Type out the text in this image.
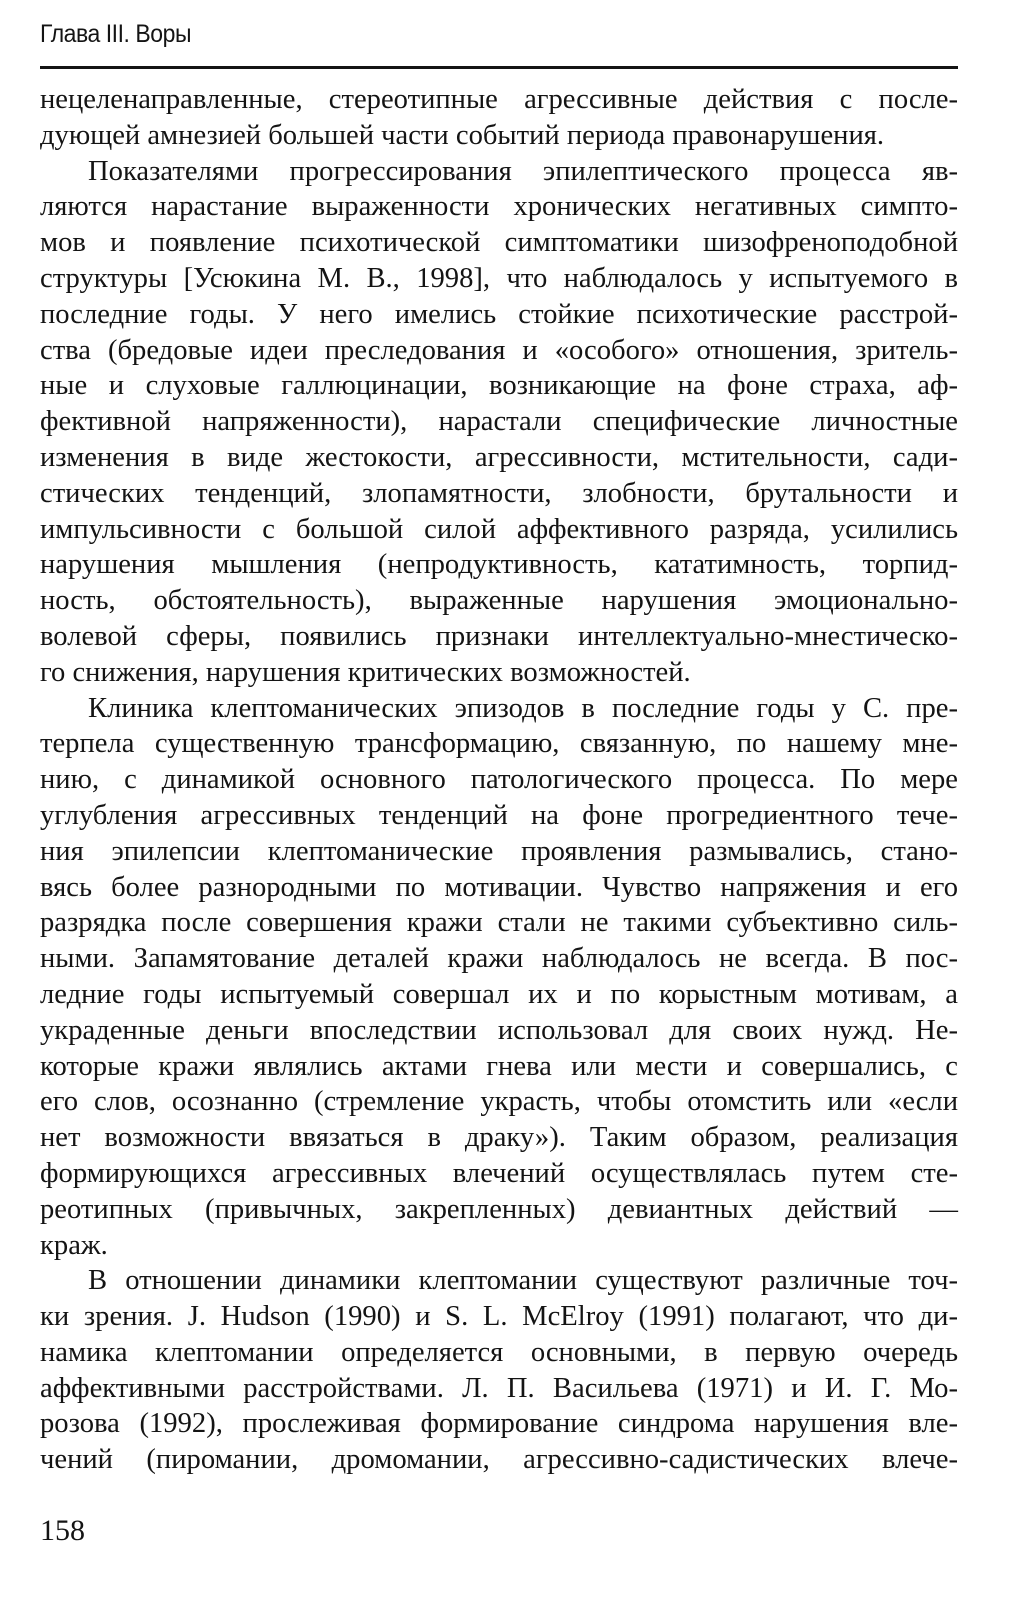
Глава III. Воры
нецеленаправленные, стереотипные агрессивные действия с после-
дующей амнезией большей части событий периода правонарушения.
Показателями прогрессирования эпилептического процесса яв-
ляются нарастание выраженности хронических негативных симпто-
мов и появление психотической симптоматики шизофреноподобной
структуры [Усюкина М. В., 1998], что наблюдалось у испытуемого в
последние годы. У него имелись стойкие психотические расстрой-
ства (бредовые идеи преследования и «особого» отношения, зритель-
ные и слуховые галлюцинации, возникающие на фоне страха, аф-
фективной напряженности), нарастали специфические личностные
изменения в виде жестокости, агрессивности, мстительности, сади-
стических тенденций, злопамятности, злобности, брутальности и
импульсивности с большой силой аффективного разряда, усилились
нарушения мышления (непродуктивность, кататимность, торпид-
ность, обстоятельность), выраженные нарушения эмоционально-
волевой сферы, появились признаки интеллектуально-мнестическо-
го снижения, нарушения критических возможностей.
Клиника клептоманических эпизодов в последние годы у С. пре-
терпела существенную трансформацию, связанную, по нашему мне-
нию, с динамикой основного патологического процесса. По мере
углубления агрессивных тенденций на фоне прогредиентного тече-
ния эпилепсии клептоманические проявления размывались, стано-
вясь более разнородными по мотивации. Чувство напряжения и его
разрядка после совершения кражи стали не такими субъективно силь-
ными. Запамятование деталей кражи наблюдалось не всегда. В пос-
ледние годы испытуемый совершал их и по корыстным мотивам, а
украденные деньги впоследствии использовал для своих нужд. Не-
которые кражи являлись актами гнева или мести и совершались, с
его слов, осознанно (стремление украсть, чтобы отомстить или «если
нет возможности ввязаться в драку»). Таким образом, реализация
формирующихся агрессивных влечений осуществлялась путем сте-
реотипных (привычных, закрепленных) девиантных действий —
краж.
В отношении динамики клептомании существуют различные точ-
ки зрения. J. Hudson (1990) и S. L. McElroy (1991) полагают, что ди-
намика клептомании определяется основными, в первую очередь
аффективными расстройствами. Л. П. Васильева (1971) и И. Г. Мо-
розова (1992), прослеживая формирование синдрома нарушения вле-
чений (пиромании, дромомании, агрессивно-садистических влече-
158
